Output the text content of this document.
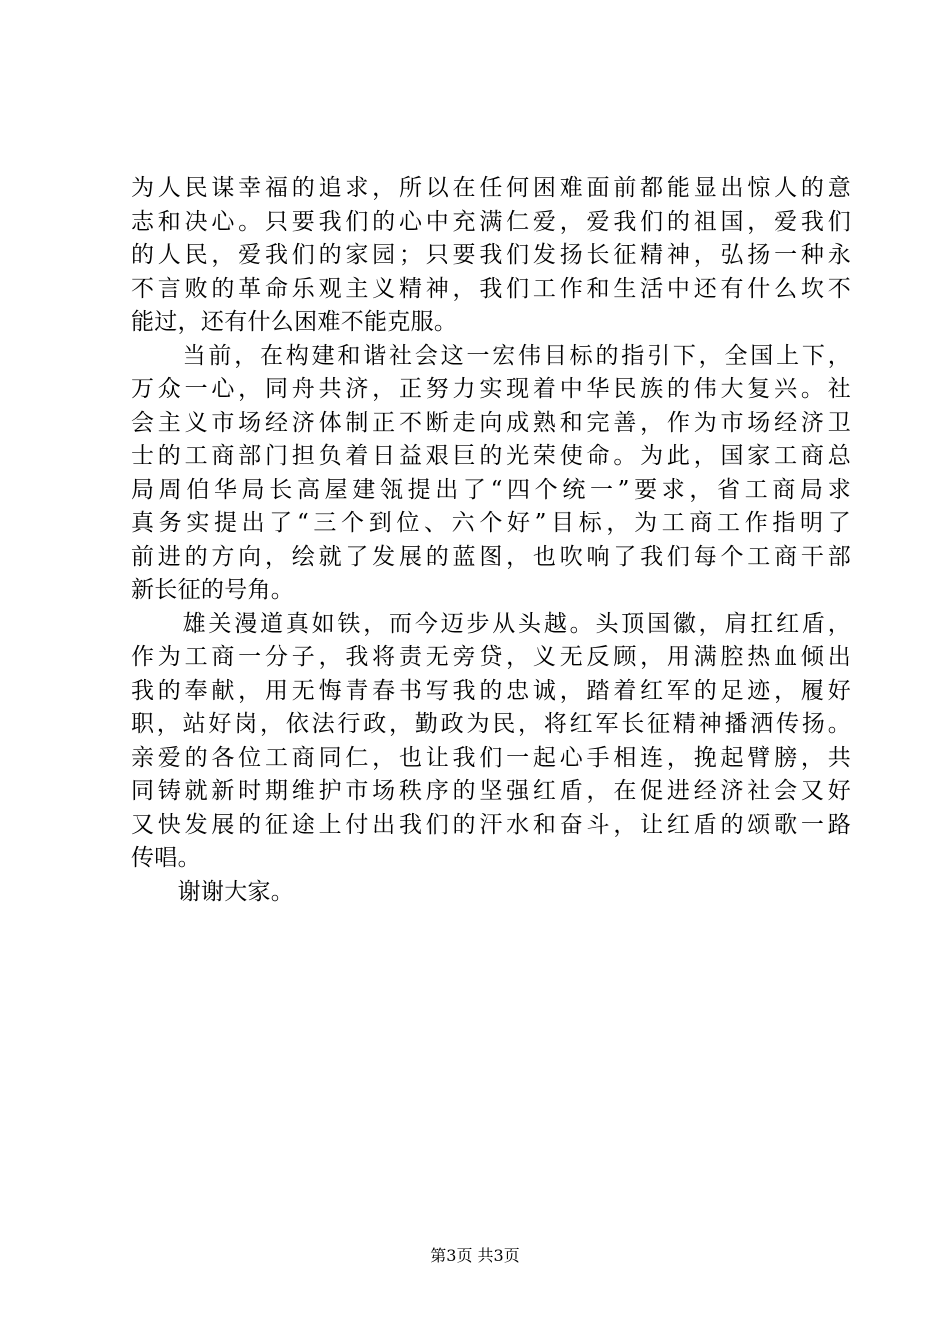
为人民谋幸福的追求，所以在任何困难面前都能显出惊人的意
志和决心。只要我们的心中充满仁爱，爱我们的祖国，爱我们
的人民，爱我们的家园；只要我们发扬长征精神，弘扬一种永
不言败的革命乐观主义精神，我们工作和生活中还有什么坎不
能过，还有什么困难不能克服。
　　当前，在构建和谐社会这一宏伟目标的指引下，全国上下，
万众一心，同舟共济，正努力实现着中华民族的伟大复兴。社
会主义市场经济体制正不断走向成熟和完善，作为市场经济卫
士的工商部门担负着日益艰巨的光荣使命。为此，国家工商总
局周伯华局长高屋建瓴提出了“四个统一”要求，省工商局求
真务实提出了“三个到位、六个好”目标，为工商工作指明了
前进的方向，绘就了发展的蓝图，也吹响了我们每个工商干部
新长征的号角。
　　雄关漫道真如铁，而今迈步从头越。头顶国徽，肩扛红盾，
作为工商一分子，我将责无旁贷，义无反顾，用满腔热血倾出
我的奉献，用无悔青春书写我的忠诚，踏着红军的足迹，履好
职，站好岗，依法行政，勤政为民，将红军长征精神播洒传扬。
亲爱的各位工商同仁，也让我们一起心手相连，挽起臂膀，共
同铸就新时期维护市场秩序的坚强红盾，在促进经济社会又好
又快发展的征途上付出我们的汗水和奋斗，让红盾的颂歌一路
传唱。
　　谢谢大家。
第3页 共3页
